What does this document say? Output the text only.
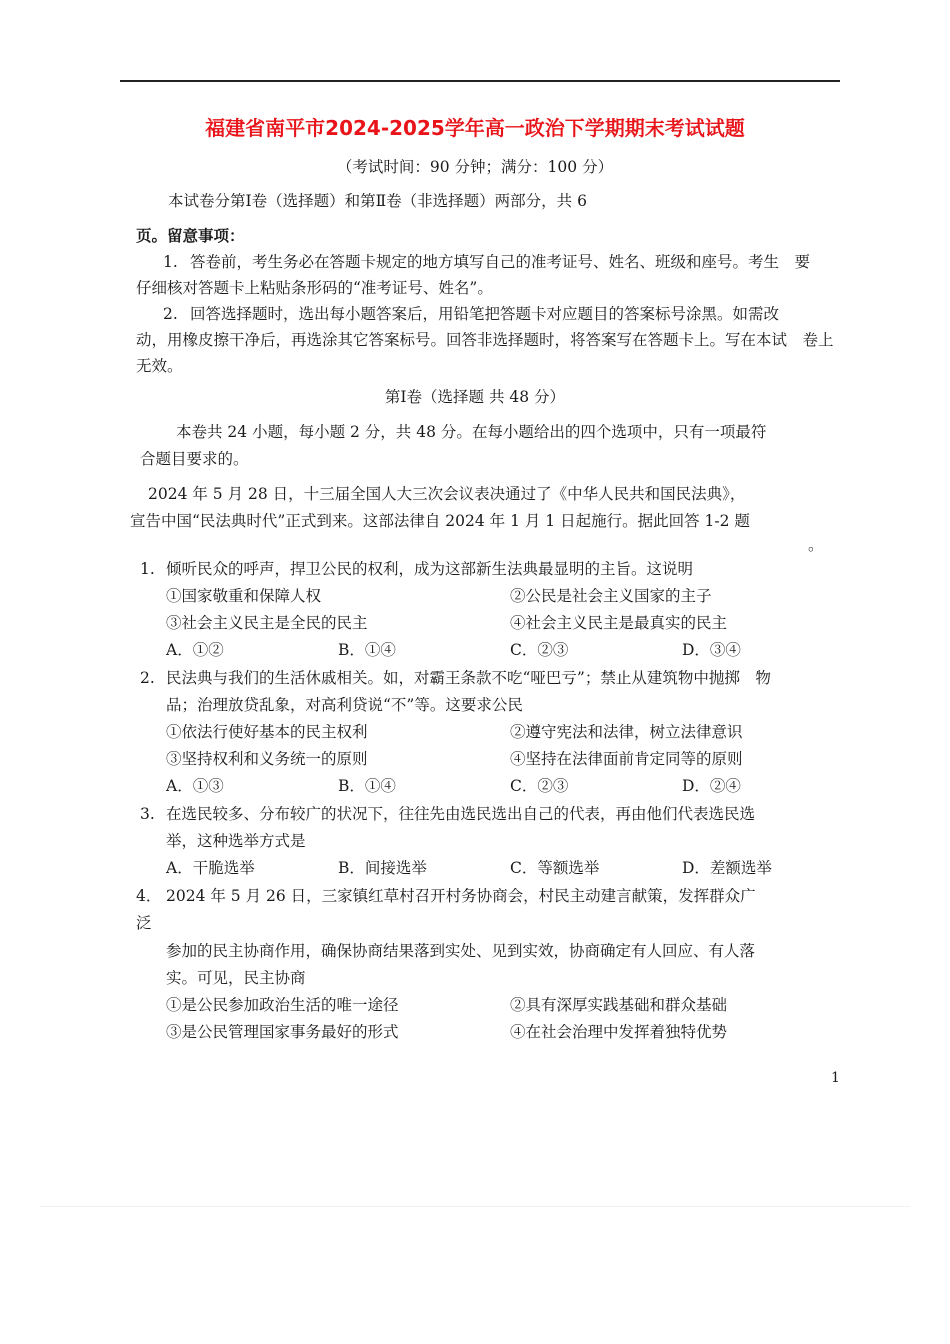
福建省南平市2024-2025学年高一政治下学期期末考试试题
（考试时间：90 分钟；满分：100 分）
本试卷分第Ⅰ卷（选择题）和第Ⅱ卷（非选择题）两部分，共 6
页。留意事项：
1. 答卷前，考生务必在答题卡规定的地方填写自己的准考证号、姓名、班级和座号。考生　要
仔细核对答题卡上粘贴条形码的“准考证号、姓名”。
2. 回答选择题时，选出每小题答案后，用铅笔把答题卡对应题目的答案标号涂黑。如需改
动，用橡皮擦干净后，再选涂其它答案标号。回答非选择题时，将答案写在答题卡上。写在本试　卷上
无效。
第Ⅰ卷（选择题 共 48 分）
本卷共 24 小题，每小题 2 分，共 48 分。在每小题给出的四个选项中，只有一项最符
合题目要求的。
2024 年 5 月 28 日，十三届全国人大三次会议表决通过了《中华人民共和国民法典》，
宣告中国“民法典时代”正式到来。这部法律自 2024 年 1 月 1 日起施行。据此回答 1-2 题
。
1. 倾听民众的呼声，捍卫公民的权利，成为这部新生法典最显明的主旨。这说明
①国家敬重和保障人权	②公民是社会主义国家的主子
③社会主义民主是全民的民主	④社会主义民主是最真实的民主
A．①②	B．①④	C．②③	D．③④
2. 民法典与我们的生活休戚相关。如，对霸王条款不吃“哑巴亏”；禁止从建筑物中抛掷　物
品；治理放贷乱象，对高利贷说“不”等。这要求公民
①依法行使好基本的民主权利	②遵守宪法和法律，树立法律意识
③坚持权利和义务统一的原则	④坚持在法律面前肯定同等的原则
A．①③	B．①④	C．②③	D．②④
3. 在选民较多、分布较广的状况下，往往先由选民选出自己的代表，再由他们代表选民选
举，这种选举方式是
A．干脆选举	B．间接选举	C．等额选举	D．差额选举
4． 2024 年 5 月 26 日，三家镇红草村召开村务协商会，村民主动建言献策，发挥群众广
泛
参加的民主协商作用，确保协商结果落到实处、见到实效，协商确定有人回应、有人落
实。可见，民主协商
①是公民参加政治生活的唯一途径	②具有深厚实践基础和群众基础
③是公民管理国家事务最好的形式	④在社会治理中发挥着独特优势
1
